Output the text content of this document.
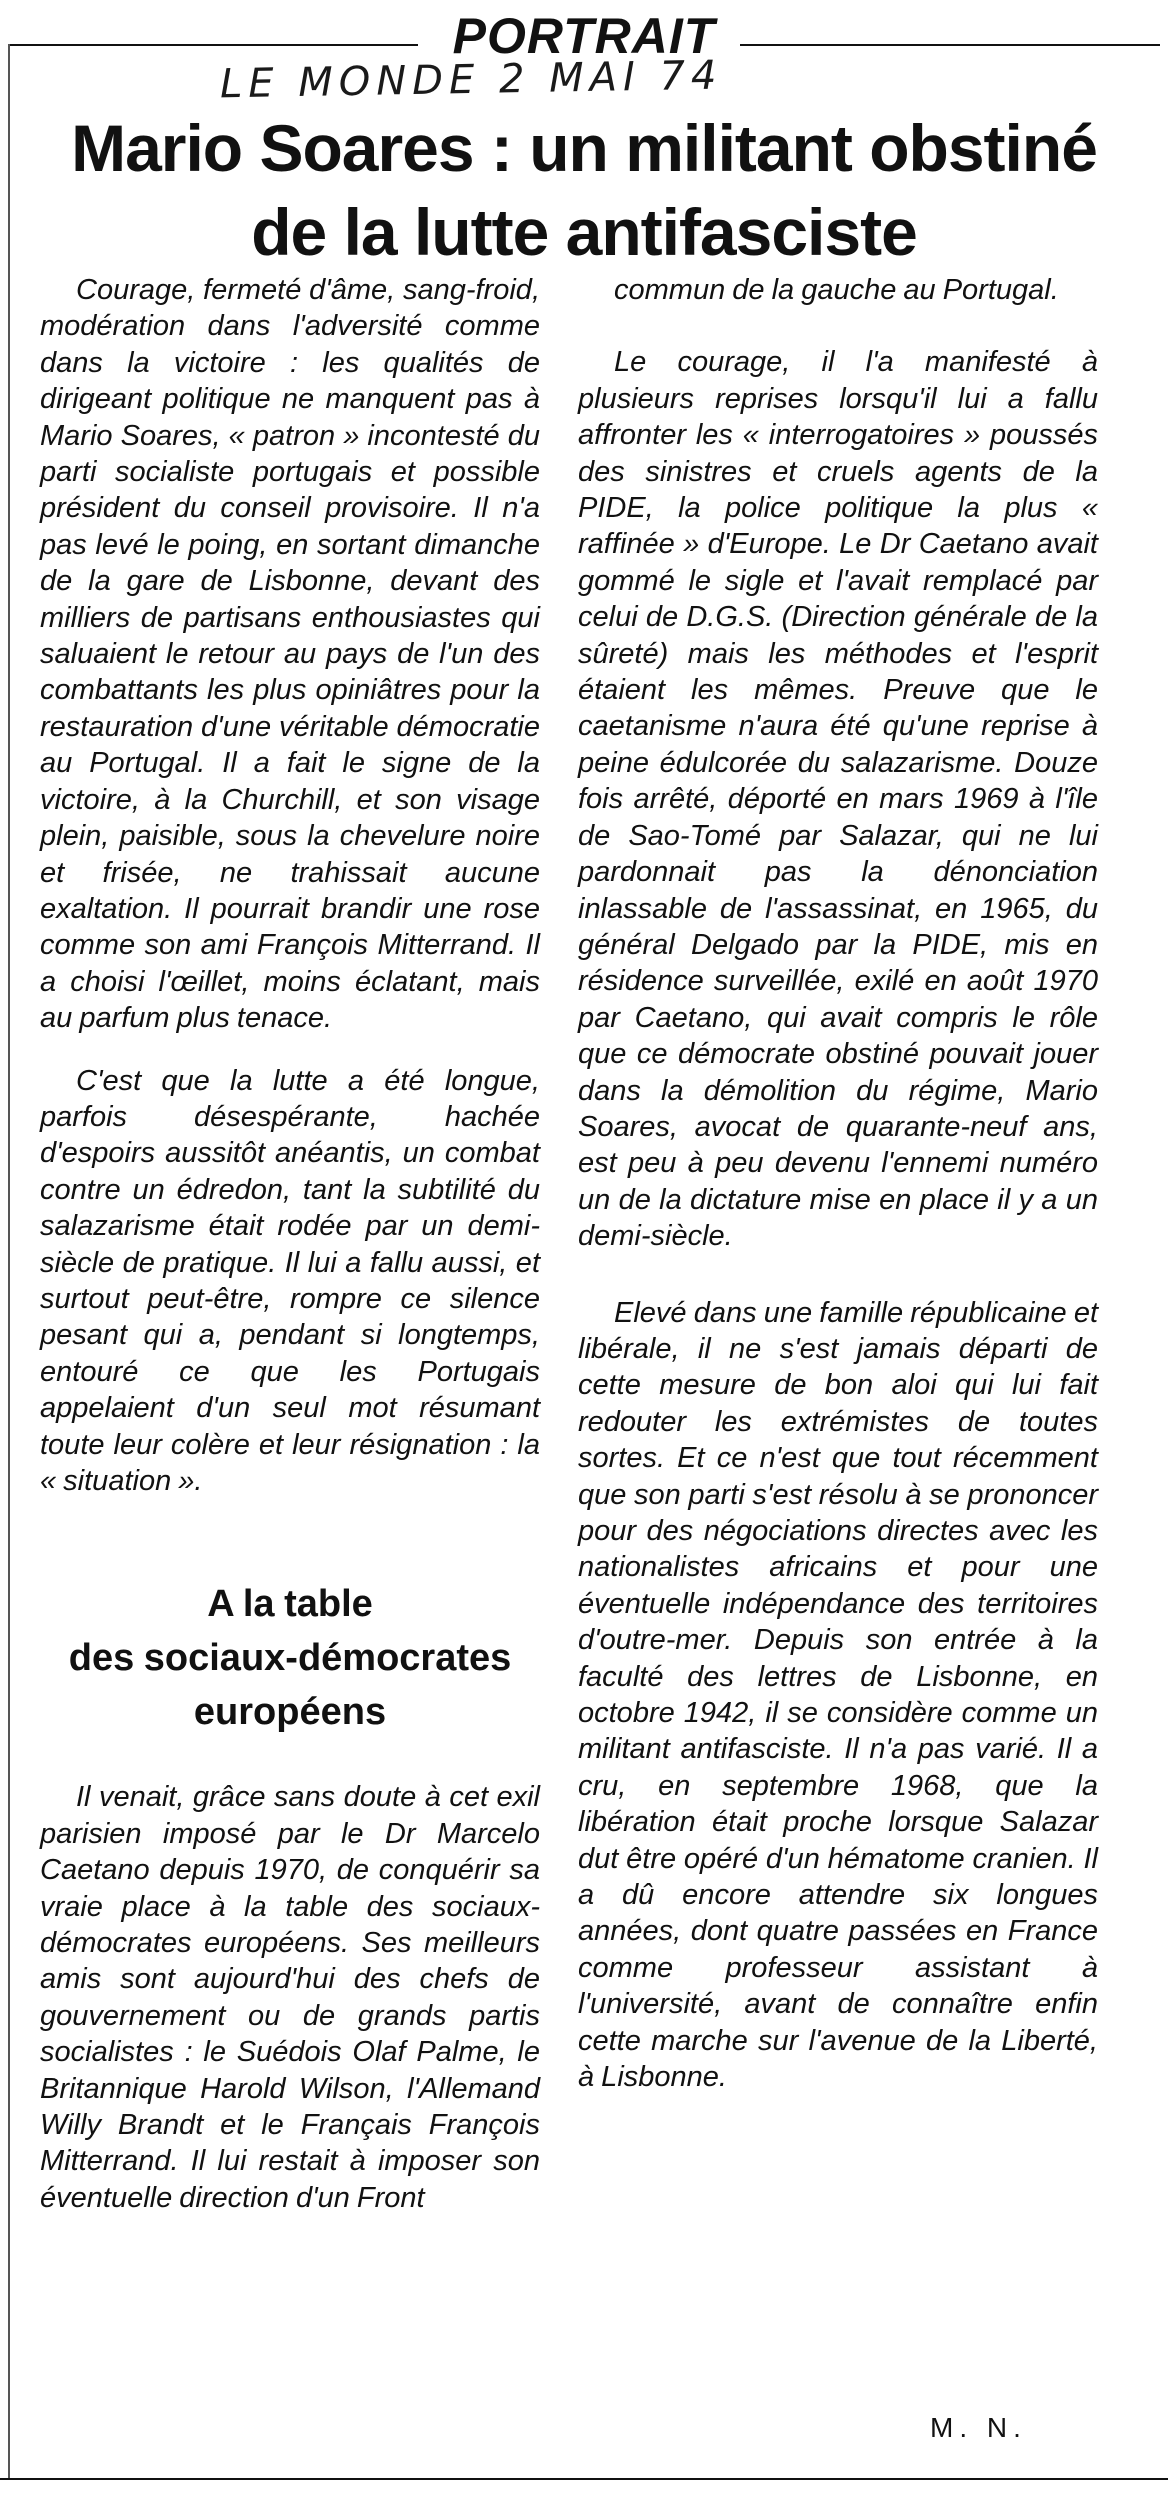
PORTRAIT
LE MONDE 2 MAI 74
Mario Soares : un militant obstiné
de la lutte antifasciste

Courage, fermeté d'âme, sang-froid, modération dans l'adversité comme dans la victoire : les qualités de dirigeant politique ne manquent pas à Mario Soares, « patron » incontesté du parti socialiste portugais et possible président du conseil provisoire. Il n'a pas levé le poing, en sortant dimanche de la gare de Lisbonne, devant des milliers de partisans enthousiastes qui saluaient le retour au pays de l'un des combattants les plus opiniâtres pour la restauration d'une véritable démocratie au Portugal. Il a fait le signe de la victoire, à la Churchill, et son visage plein, paisible, sous la chevelure noire et frisée, ne trahissait aucune exaltation. Il pourrait brandir une rose comme son ami François Mitterrand. Il a choisi l'œillet, moins éclatant, mais au parfum plus tenace.

C'est que la lutte a été longue, parfois désespérante, hachée d'espoirs aussitôt anéantis, un combat contre un édredon, tant la subtilité du salazarisme était rodée par un demi-siècle de pratique. Il lui a fallu aussi, et surtout peut-être, rompre ce silence pesant qui a, pendant si longtemps, entouré ce que les Portugais appelaient d'un seul mot résumant toute leur colère et leur résignation : la « situation ».

A la table
des sociaux-démocrates
européens

Il venait, grâce sans doute à cet exil parisien imposé par le Dr Marcelo Caetano depuis 1970, de conquérir sa vraie place à la table des sociaux-démocrates européens. Ses meilleurs amis sont aujourd'hui des chefs de gouvernement ou de grands partis socialistes : le Suédois Olaf Palme, le Britannique Harold Wilson, l'Allemand Willy Brandt et le Français François Mitterrand. Il lui restait à imposer son éventuelle direction d'un Front

commun de la gauche au Portugal.

Le courage, il l'a manifesté à plusieurs reprises lorsqu'il lui a fallu affronter les « interrogatoires » poussés des sinistres et cruels agents de la PIDE, la police politique la plus « raffinée » d'Europe. Le Dr Caetano avait gommé le sigle et l'avait remplacé par celui de D.G.S. (Direction générale de la sûreté) mais les méthodes et l'esprit étaient les mêmes. Preuve que le caetanisme n'aura été qu'une reprise à peine édulcorée du salazarisme. Douze fois arrêté, déporté en mars 1969 à l'île de Sao-Tomé par Salazar, qui ne lui pardonnait pas la dénonciation inlassable de l'assassinat, en 1965, du général Delgado par la PIDE, mis en résidence surveillée, exilé en août 1970 par Caetano, qui avait compris le rôle que ce démocrate obstiné pouvait jouer dans la démolition du régime, Mario Soares, avocat de quarante-neuf ans, est peu à peu devenu l'ennemi numéro un de la dictature mise en place il y a un demi-siècle.

Elevé dans une famille républicaine et libérale, il ne s'est jamais départi de cette mesure de bon aloi qui lui fait redouter les extrémistes de toutes sortes. Et ce n'est que tout récemment que son parti s'est résolu à se prononcer pour des négociations directes avec les nationalistes africains et pour une éventuelle indépendance des territoires d'outre-mer. Depuis son entrée à la faculté des lettres de Lisbonne, en octobre 1942, il se considère comme un militant antifasciste. Il n'a pas varié. Il a cru, en septembre 1968, que la libération était proche lorsque Salazar dut être opéré d'un hématome cranien. Il a dû encore attendre six longues années, dont quatre passées en France comme professeur assistant à l'université, avant de connaître enfin cette marche sur l'avenue de la Liberté, à Lisbonne.

M. N.
